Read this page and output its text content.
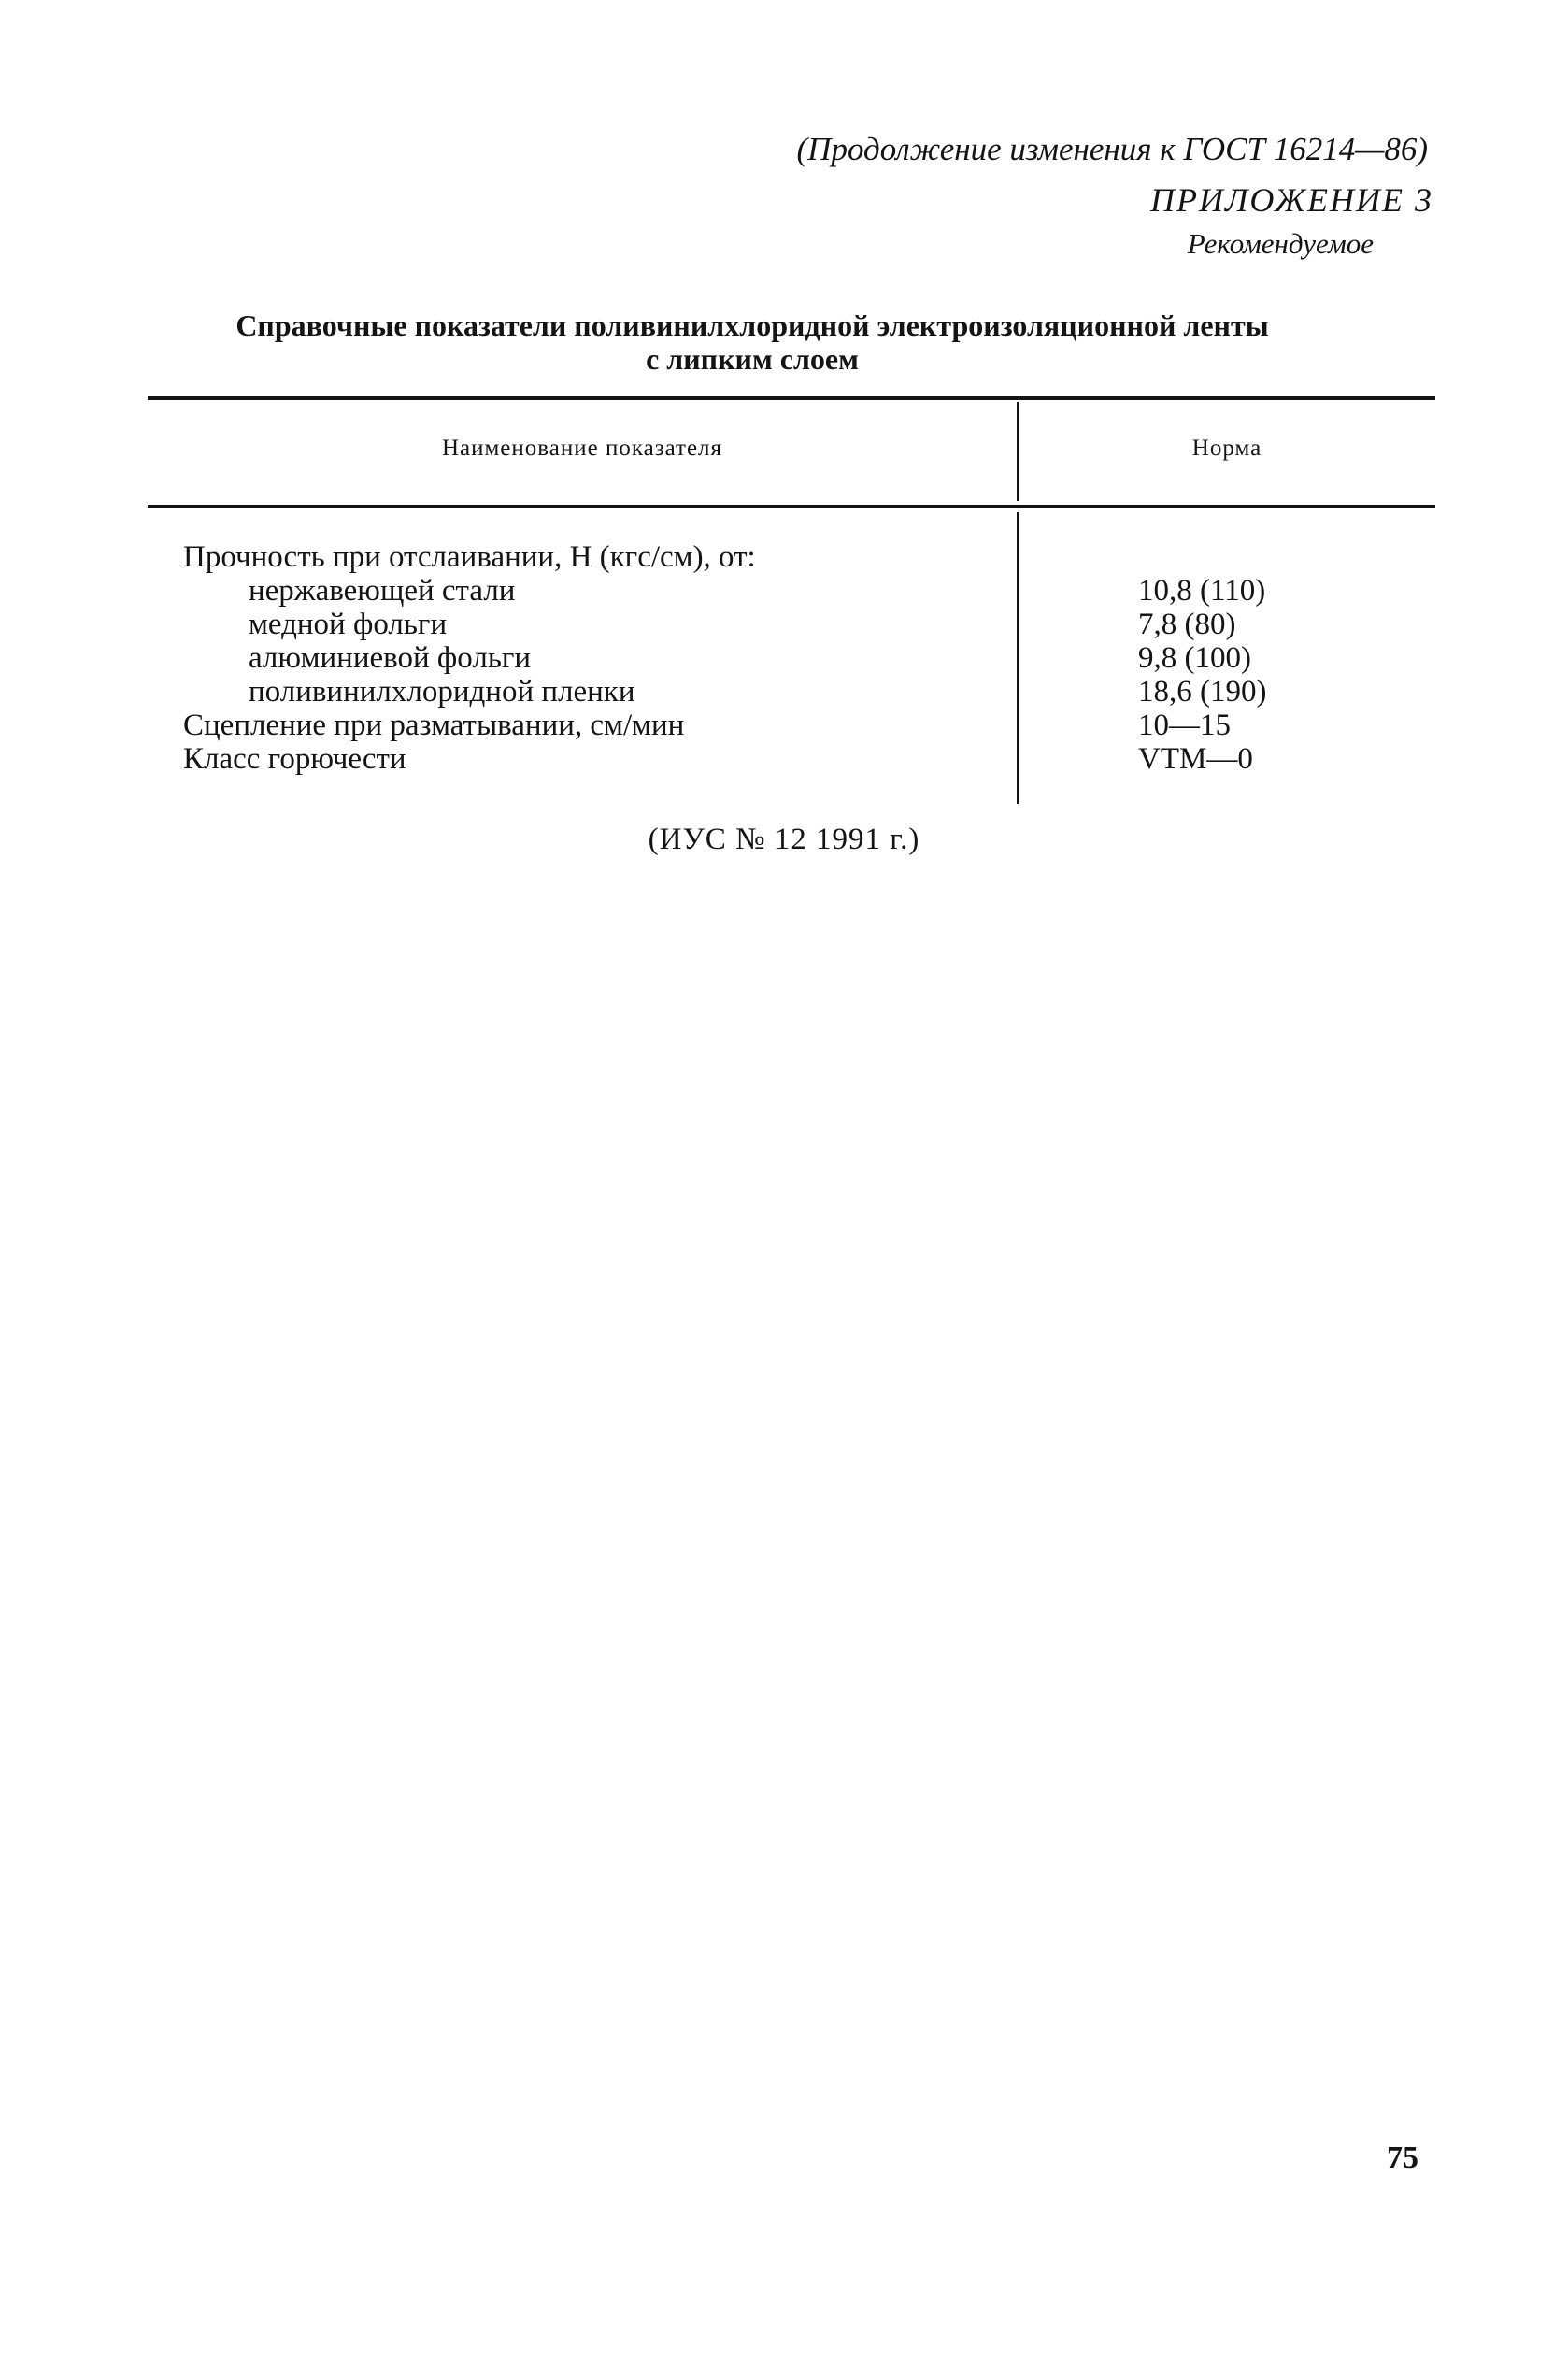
(Продолжение изменения к ГОСТ 16214—86)
ПРИЛОЖЕНИЕ 3
Рекомендуемое
Справочные показатели поливинилхлоридной электроизоляционной ленты
с липким слоем
Наименование показателя	Норма
Прочность при отслаивании, Н (кгс/см), от:
нержавеющей стали	10,8 (110)
медной фольги	7,8 (80)
алюминиевой фольги	9,8 (100)
поливинилхлоридной пленки	18,6 (190)
Сцепление при разматывании, см/мин	10—15
Класс горючести	VTM—0
(ИУС № 12 1991 г.)
75
